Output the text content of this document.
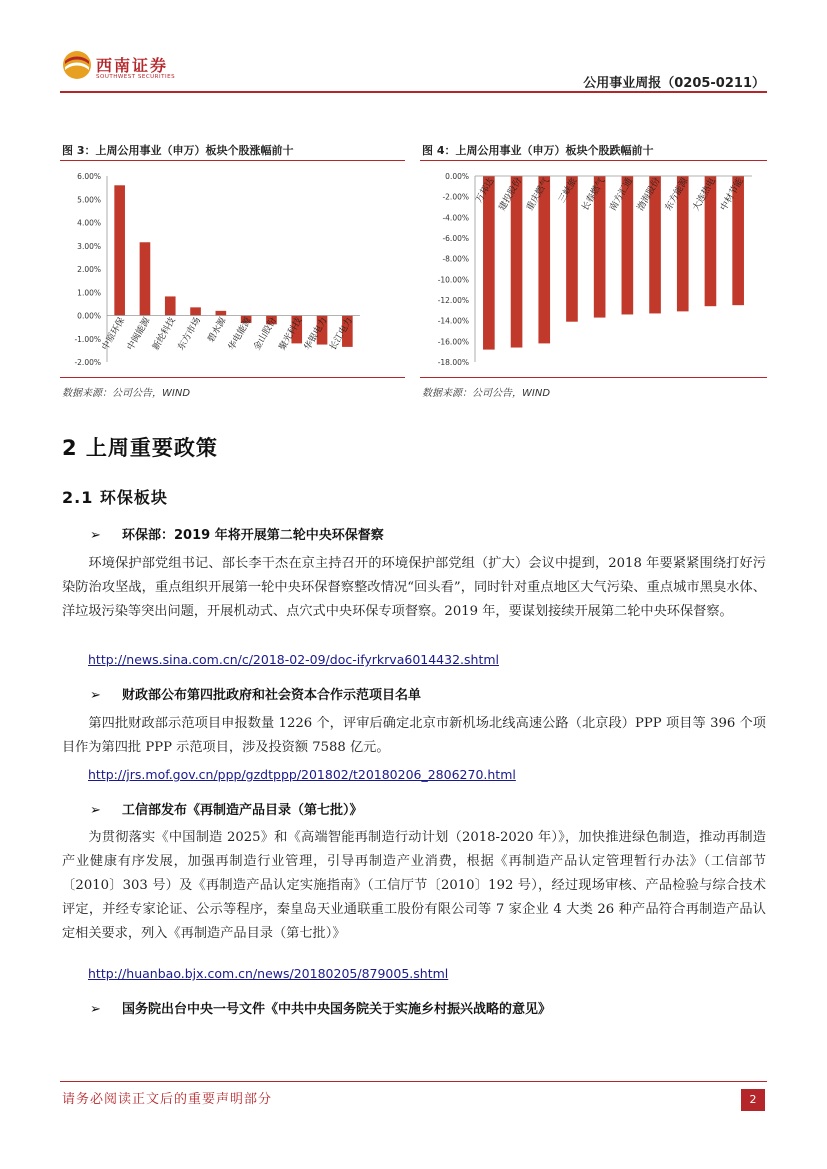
西南证券
SOUTHWEST SECURITIES	公用事业周报（0205-0211）
图 3：上周公用事业（申万）板块个股涨幅前十
-2.00%
-1.00%
0.00%
1.00%
2.00%
3.00%
4.00%
5.00%
6.00%
中原环保
中闽能源
新纶科技
东方市场 碧水源
华电能源
金山股份
聚光科技
华银电力
长江电力
数据来源：公司公告，WIND
图 4：上周公用事业（申万）板块个股跌幅前十
-18.00%
-16.00%
-14.00%
-12.00%
-10.00%
-8.00%
-6.00%
-4.00%
-2.00%
0.00% 万邦达 建投股份 重庆燃气 三峡旅 长春燃气 南方汇通 渤海股份 东方能源 大连热电 中材节能
数据来源：公司公告，WIND
2 上周重要政策
2.1 环保板块
➢ 环保部：2019 年将开展第二轮中央环保督察
环境保护部党组书记、部长李干杰在京主持召开的环境保护部党组（扩大）会议中提到，2018 年要紧紧围绕打好污染防治攻坚战，重点组织开展第一轮中央环保督察整改情况“回头看”，同时针对重点地区大气污染、重点城市黑臭水体、洋垃圾污染等突出问题，开展机动式、点穴式中央环保专项督察。2019 年，要谋划接续开展第二轮中央环保督察。
http://news.sina.com.cn/c/2018-02-09/doc-ifyrkrva6014432.shtml
➢ 财政部公布第四批政府和社会资本合作示范项目名单
第四批财政部示范项目申报数量 1226 个，评审后确定北京市新机场北线高速公路（北京段）PPP 项目等 396 个项目作为第四批 PPP 示范项目，涉及投资额 7588 亿元。
http://jrs.mof.gov.cn/ppp/gzdtppp/201802/t20180206_2806270.html
➢ 工信部发布《再制造产品目录（第七批）》
为贯彻落实《中国制造 2025》和《高端智能再制造行动计划（2018-2020 年）》，加快推进绿色制造，推动再制造产业健康有序发展，加强再制造行业管理，引导再制造产业消费，根据《再制造产品认定管理暂行办法》（工信部节〔2010〕303 号）及《再制造产品认定实施指南》（工信厅节〔2010〕192 号），经过现场审核、产品检验与综合技术评定，并经专家论证、公示等程序，秦皇岛天业通联重工股份有限公司等 7 家企业 4 大类 26 种产品符合再制造产品认定相关要求，列入《再制造产品目录（第七批）》
http://huanbao.bjx.com.cn/news/20180205/879005.shtml
➢ 国务院出台中央一号文件《中共中央国务院关于实施乡村振兴战略的意见》
请务必阅读正文后的重要声明部分	2
